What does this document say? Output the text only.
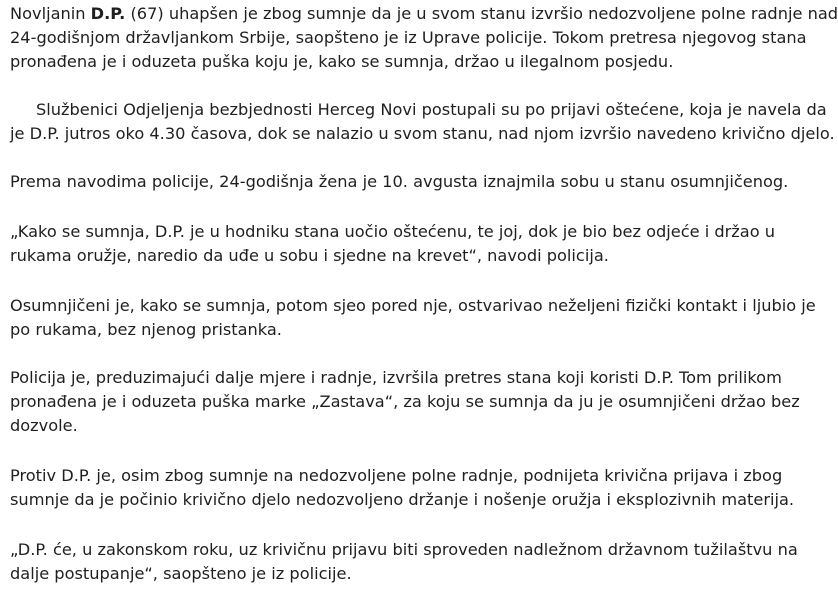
Novljanin D.P. (67) uhapšen je zbog sumnje da je u svom stanu izvršio nedozvoljene polne radnje nad
24-godišnjom državljankom Srbije, saopšteno je iz Uprave policije. Tokom pretresa njegovog stana
pronađena je i oduzeta puška koju je, kako se sumnja, držao u ilegalnom posjedu.
Službenici Odjeljenja bezbjednosti Herceg Novi postupali su po prijavi oštećene, koja je navela da
je D.P. jutros oko 4.30 časova, dok se nalazio u svom stanu, nad njom izvršio navedeno krivično djelo.
Prema navodima policije, 24-godišnja žena je 10. avgusta iznajmila sobu u stanu osumnjičenog.
„Kako se sumnja, D.P. je u hodniku stana uočio oštećenu, te joj, dok je bio bez odjeće i držao u
rukama oružje, naredio da uđe u sobu i sjedne na krevet“, navodi policija.
Osumnjičeni je, kako se sumnja, potom sjeo pored nje, ostvarivao neželjeni fizički kontakt i ljubio je
po rukama, bez njenog pristanka.
Policija je, preduzimajući dalje mjere i radnje, izvršila pretres stana koji koristi D.P. Tom prilikom
pronađena je i oduzeta puška marke „Zastava“, za koju se sumnja da ju je osumnjičeni držao bez
dozvole.
Protiv D.P. je, osim zbog sumnje na nedozvoljene polne radnje, podnijeta krivična prijava i zbog
sumnje da je počinio krivično djelo nedozvoljeno držanje i nošenje oružja i eksplozivnih materija.
„D.P. će, u zakonskom roku, uz krivičnu prijavu biti sproveden nadležnom državnom tužilaštvu na
dalje postupanje“, saopšteno je iz policije.
